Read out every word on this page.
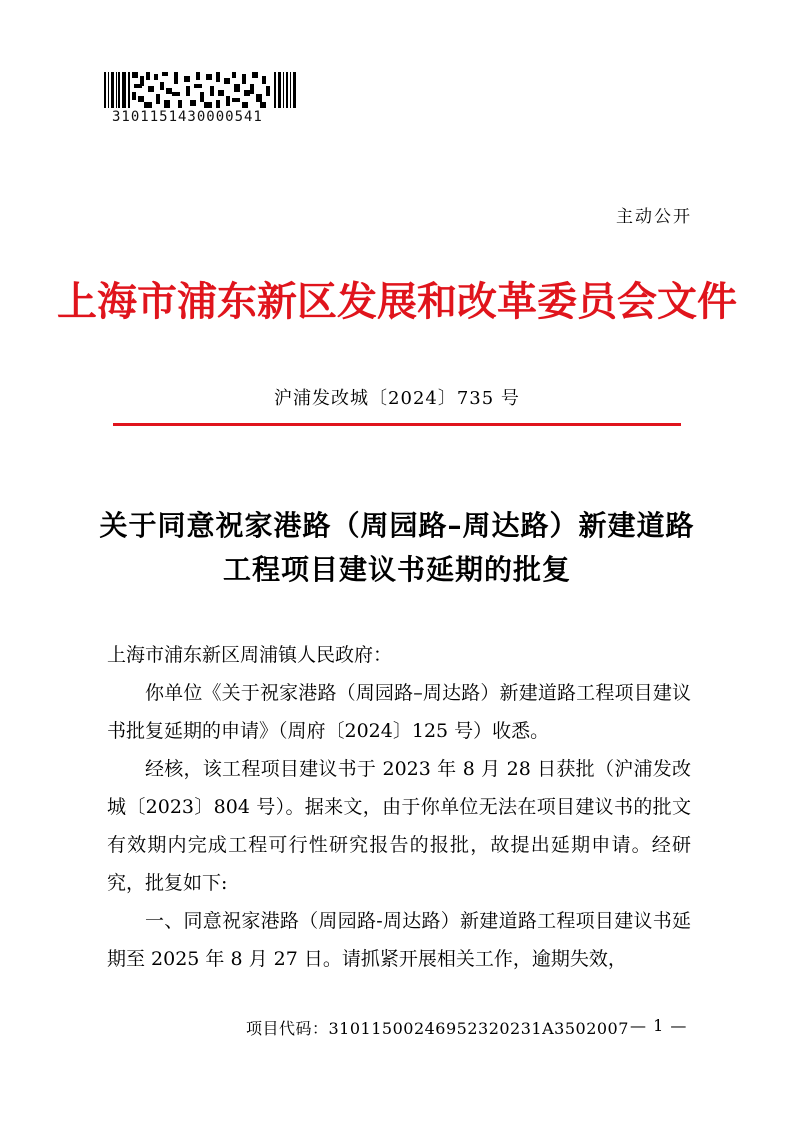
3101151430000541
主动公开
上海市浦东新区发展和改革委员会文件
沪浦发改城〔2024〕735 号
关于同意祝家港路（周园路–周达路）新建道路
工程项目建议书延期的批复

上海市浦东新区周浦镇人民政府：

你单位《关于祝家港路（周园路–周达路）新建道路工程项目建议书批复延期的申请》（周府〔2024〕125 号）收悉。

经核，该工程项目建议书于 2023 年 8 月 28 日获批（沪浦发改城〔2023〕804 号）。据来文，由于你单位无法在项目建议书的批文有效期内完成工程可行性研究报告的报批，故提出延期申请。经研究，批复如下:

一、同意祝家港路（周园路-周达路）新建道路工程项目建议书延期至 2025 年 8 月 27 日。请抓紧开展相关工作，逾期失效，

项目代码：31011500246952320231A3502007 — 1 —
